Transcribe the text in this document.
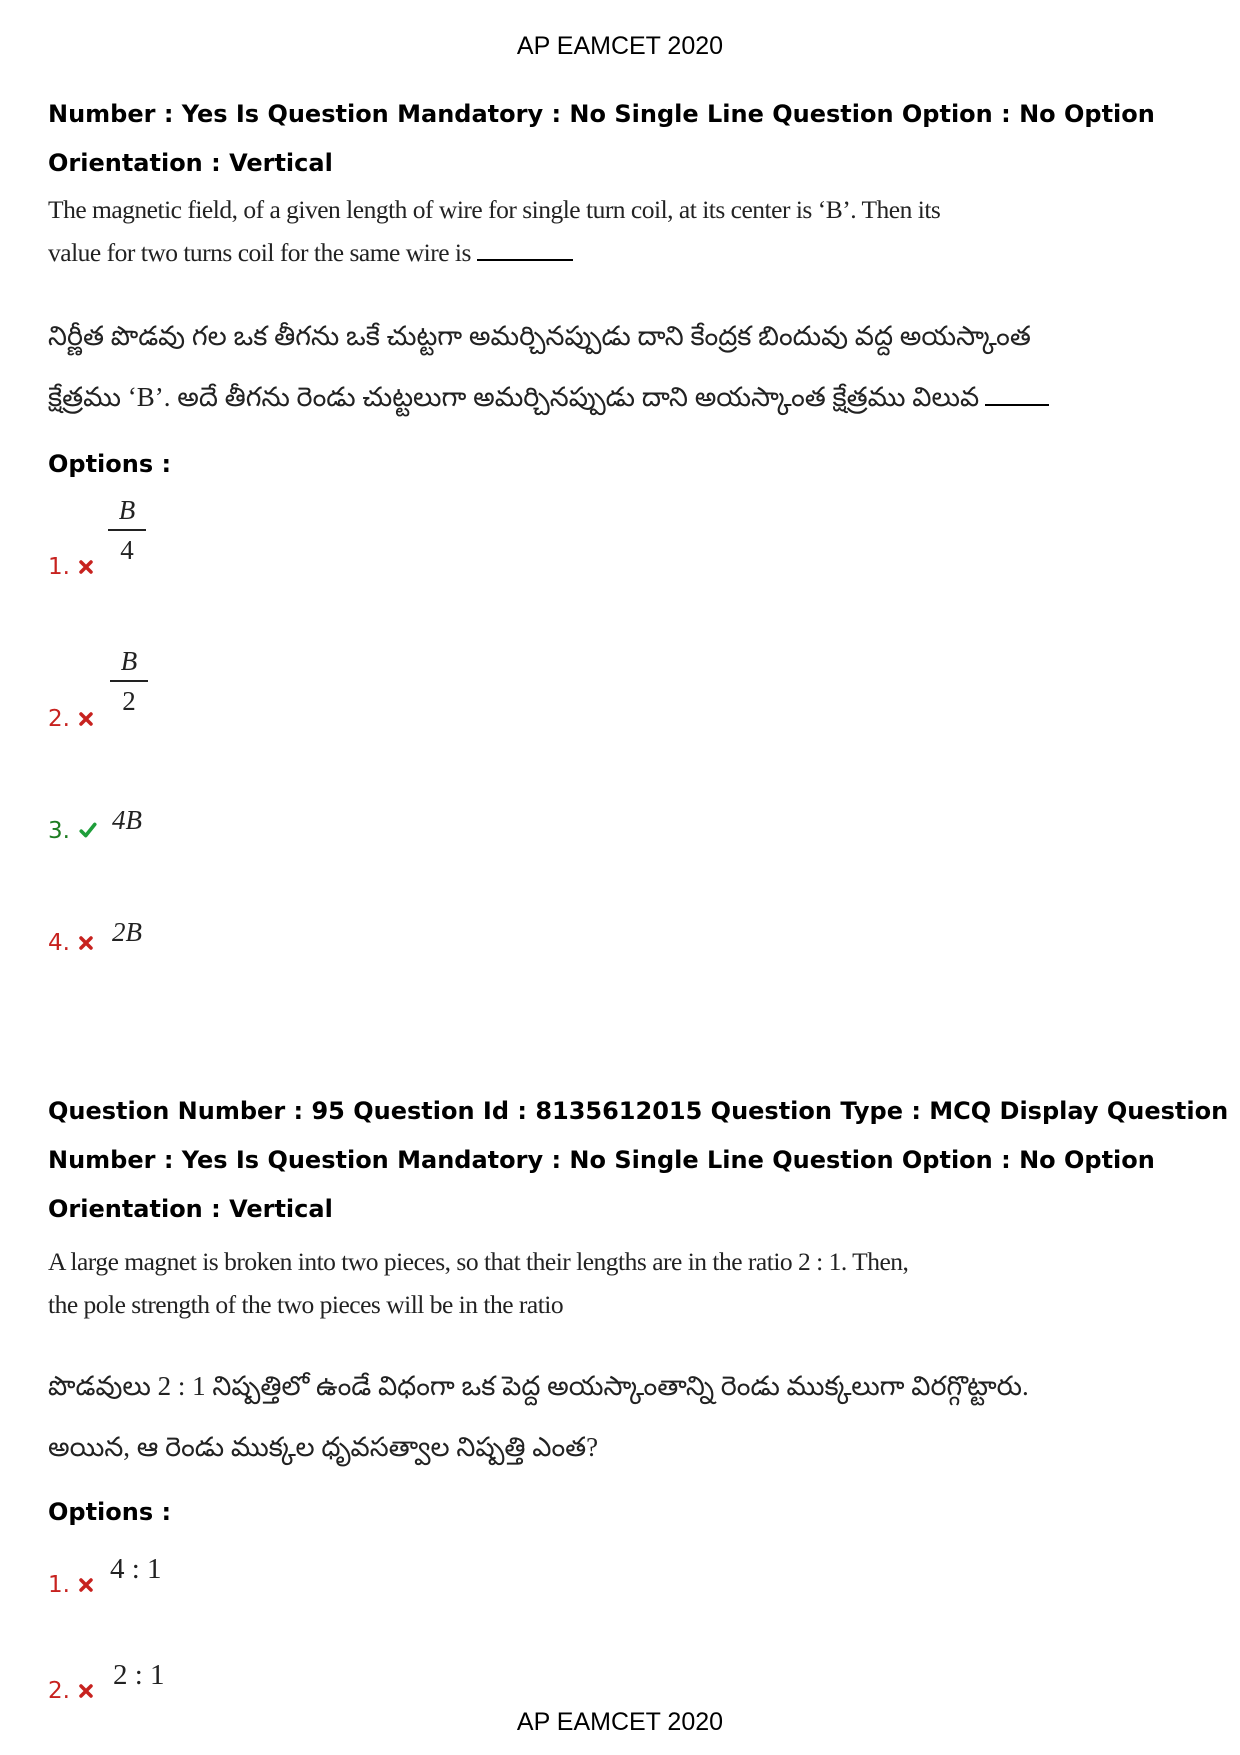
AP EAMCET 2020
Number : Yes Is Question Mandatory : No Single Line Question Option : No Option
Orientation : Vertical
The magnetic field, of a given length of wire for single turn coil, at its center is ‘B’. Then its
value for two turns coil for the same wire is
నిర్ణీత పొడవు గల ఒక తీగను ఒకే చుట్టగా అమర్చినప్పుడు దాని కేంద్రక బిందువు వద్ద అయస్కాంత
క్షేత్రము ‘B’. అదే తీగను రెండు చుట్టలుగా అమర్చినప్పుడు దాని అయస్కాంత క్షేత్రము విలువ
Options :
1. $\frac{B}{4}$
2. $\frac{B}{2}$
3. 4B
4. 2B
Question Number : 95 Question Id : 8135612015 Question Type : MCQ Display Question
Number : Yes Is Question Mandatory : No Single Line Question Option : No Option
Orientation : Vertical
A large magnet is broken into two pieces, so that their lengths are in the ratio 2 : 1. Then,
the pole strength of the two pieces will be in the ratio
పొడవులు 2 : 1 నిష్పత్తిలో ఉండే విధంగా ఒక పెద్ద అయస్కాంతాన్ని రెండు ముక్కలుగా విరగ్గొట్టారు.
అయిన, ఆ రెండు ముక్కల ధృవసత్వాల నిష్పత్తి ఎంత?
Options :
1. 4 : 1
2. 2 : 1
AP EAMCET 2020
